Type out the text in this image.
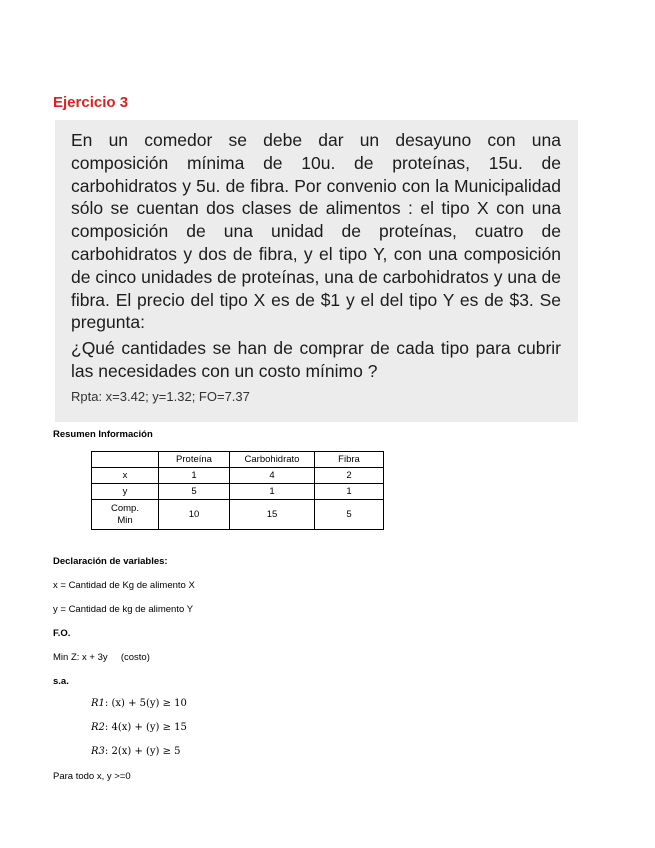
Ejercicio 3

En un comedor se debe dar un desayuno con una composición mínima de 10u. de proteínas, 15u. de carbohidratos y 5u. de fibra. Por convenio con la Municipalidad sólo se cuentan dos clases de alimentos : el tipo X con una composición de una unidad de proteínas, cuatro de carbohidratos y dos de fibra, y el tipo Y, con una composición de cinco unidades de proteínas, una de carbohidratos y una de fibra. El precio del tipo X es de $1 y el del tipo Y es de $3. Se pregunta:

¿Qué cantidades se han de comprar de cada tipo para cubrir las necesidades con un costo mínimo ?

Rpta: x=3.42; y=1.32; FO=7.37

Resumen Información
	Proteína	Carbohidrato	Fibra
x	1	4	2
y	5	1	1
Comp.
Min	10	15	5
Declaración de variables:
x = Cantidad de Kg de alimento X
y = Cantidad de kg de alimento Y
F.O.
Min Z: x + 3y     (costo)
s.a.
R1: (x) + 5(y) ≥ 10
R2: 4(x) + (y) ≥ 15
R3: 2(x) + (y) ≥ 5
Para todo x, y >=0
